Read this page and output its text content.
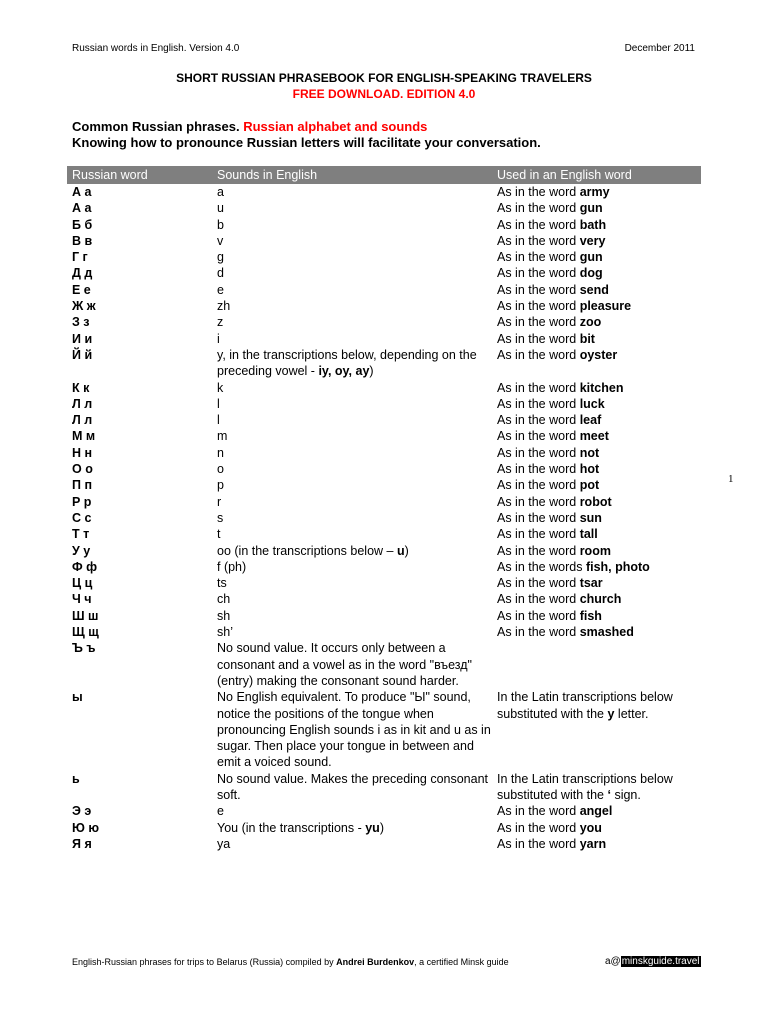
Russian words in English. Version 4.0	December 2011
SHORT RUSSIAN PHRASEBOOK FOR ENGLISH-SPEAKING TRAVELERS
FREE DOWNLOAD. EDITION 4.0
Common Russian phrases. Russian alphabet and sounds
Knowing how to pronounce Russian letters will facilitate your conversation.
Russian word	Sounds in English	Used in an English word
А а	a	As in the word army
А а	u	As in the word gun
Б б	b	As in the word bath
В в	v	As in the word very
Г г	g	As in the word gun
Д д	d	As in the word dog
Е е	e	As in the word send
Ж ж	zh	As in the word pleasure
З з	z	As in the word zoo
И и	i	As in the word bit
Й й	y, in the transcriptions below, depending on the preceding vowel - iy, oy, ay)	As in the word oyster
К к	k	As in the word kitchen
Л л	l	As in the word luck
Л л	l	As in the word leaf
М м	m	As in the word meet
Н н	n	As in the word not
О о	o	As in the word hot
П п	p	As in the word pot
Р р	r	As in the word robot
С с	s	As in the word sun
Т т	t	As in the word tall
У у	oo (in the transcriptions below – u)	As in the word room
Ф ф	f (ph)	As in the words fish, photo
Ц ц	ts	As in the word tsar
Ч ч	ch	As in the word church
Ш ш	sh	As in the word fish
Щ щ	sh’	As in the word smashed
Ъ ъ	No sound value. It occurs only between a consonant and a vowel as in the word "въезд" (entry) making the consonant sound harder.	
ы	No English equivalent. To produce "Ы" sound, notice the positions of the tongue when pronouncing English sounds i as in kit and u as in sugar. Then place your tongue in between and emit a voiced sound.	In the Latin transcriptions below substituted with the y letter.
ь	No sound value. Makes the preceding consonant soft.	In the Latin transcriptions below substituted with the ‘ sign.
Э э	e	As in the word angel
Ю ю	You (in the transcriptions - yu)	As in the word you
Я я	ya	As in the word yarn
1
English-Russian phrases for trips to Belarus (Russia) compiled by Andrei Burdenkov, a certified Minsk guide	a@minskguide.travel
